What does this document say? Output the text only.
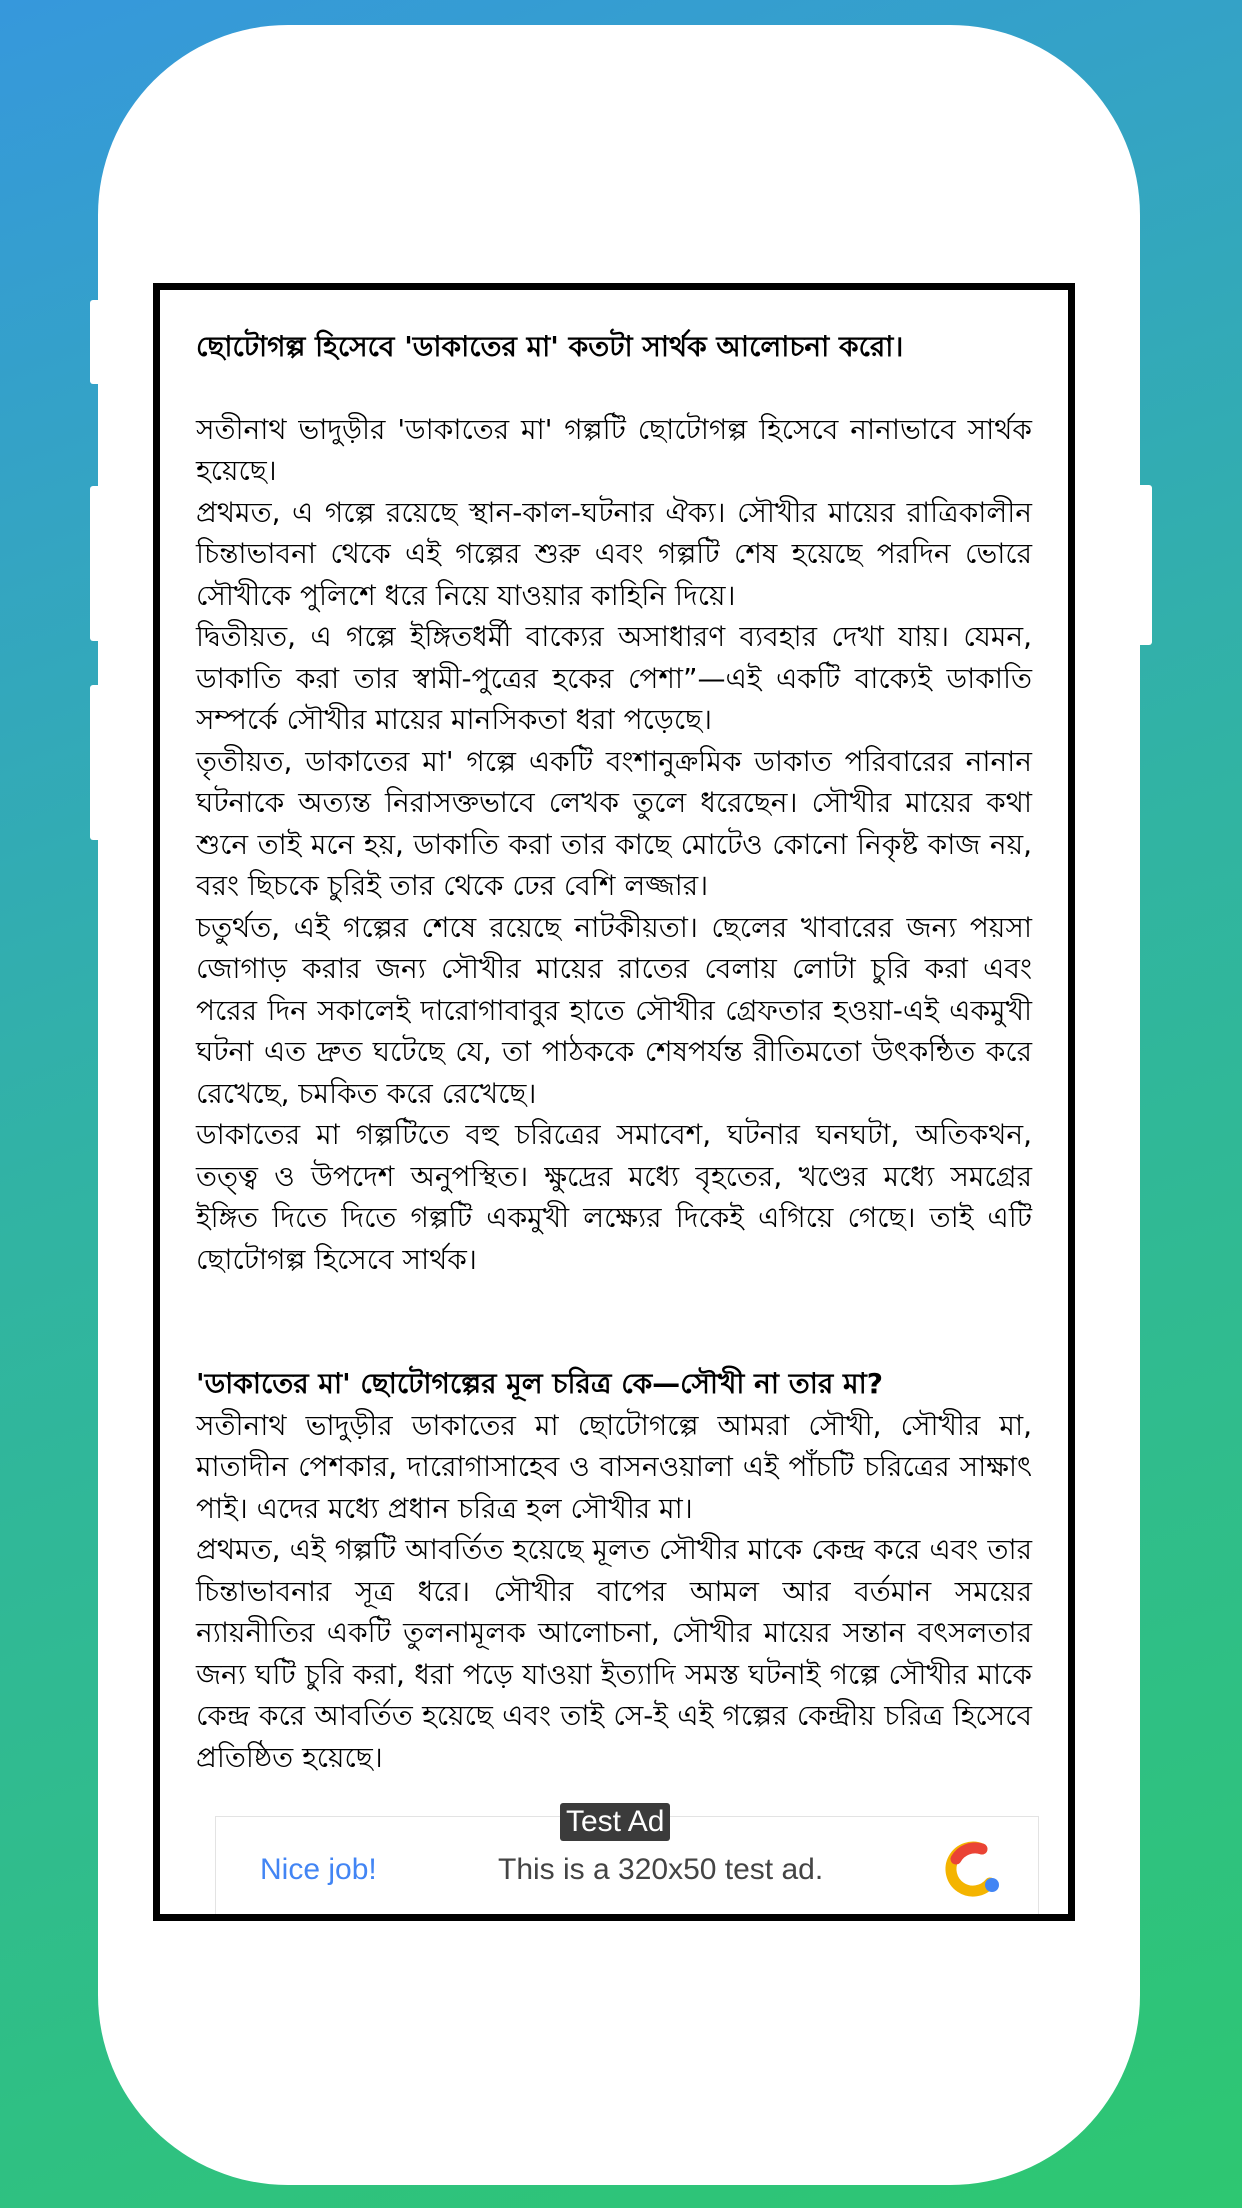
ছোটোগল্প হিসেবে 'ডাকাতের মা' কতটা সার্থক আলোচনা করো।

সতীনাথ ভাদুড়ীর 'ডাকাতের মা' গল্পটি ছোটোগল্প হিসেবে নানাভাবে সার্থক হয়েছে।

প্রথমত, এ গল্পে রয়েছে স্থান-কাল-ঘটনার ঐক্য। সৌখীর মায়ের রাত্রিকালীন চিন্তাভাবনা থেকে এই গল্পের শুরু এবং গল্পটি শেষ হয়েছে পরদিন ভোরে সৌখীকে পুলিশে ধরে নিয়ে যাওয়ার কাহিনি দিয়ে।

দ্বিতীয়ত, এ গল্পে ইঙ্গিতধর্মী বাক্যের অসাধারণ ব্যবহার দেখা যায়। যেমন, ডাকাতি করা তার স্বামী-পুত্রের হকের পেশা”—এই একটি বাক্যেই ডাকাতি সম্পর্কে সৌখীর মায়ের মানসিকতা ধরা পড়েছে।

তৃতীয়ত, ডাকাতের মা' গল্পে একটি বংশানুক্রমিক ডাকাত পরিবারের নানান ঘটনাকে অত্যন্ত নিরাসক্তভাবে লেখক তুলে ধরেছেন। সৌখীর মায়ের কথা শুনে তাই মনে হয়, ডাকাতি করা তার কাছে মোটেও কোনো নিকৃষ্ট কাজ নয়, বরং ছিচকে চুরিই তার থেকে ঢের বেশি লজ্জার।

চতুর্থত, এই গল্পের শেষে রয়েছে নাটকীয়তা। ছেলের খাবারের জন্য পয়সা জোগাড় করার জন্য সৌখীর মায়ের রাতের বেলায় লোটা চুরি করা এবং পরের দিন সকালেই দারোগাবাবুর হাতে সৌখীর গ্রেফতার হওয়া-এই একমুখী ঘটনা এত দ্রুত ঘটেছে যে, তা পাঠককে শেষপর্যন্ত রীতিমতো উৎকন্ঠিত করে রেখেছে, চমকিত করে রেখেছে।

ডাকাতের মা গল্পটিতে বহু চরিত্রের সমাবেশ, ঘটনার ঘনঘটা, অতিকথন, তত্ত্ব ও উপদেশ অনুপস্থিত। ক্ষুদ্রের মধ্যে বৃহতের, খণ্ডের মধ্যে সমগ্রের ইঙ্গিত দিতে দিতে গল্পটি একমুখী লক্ষ্যের দিকেই এগিয়ে গেছে। তাই এটি ছোটোগল্প হিসেবে সার্থক।

'ডাকাতের মা' ছোটোগল্পের মূল চরিত্র কে—সৌখী না তার মা?

সতীনাথ ভাদুড়ীর ডাকাতের মা ছোটোগল্পে আমরা সৌখী, সৌখীর মা, মাতাদীন পেশকার, দারোগাসাহেব ও বাসনওয়ালা এই পাঁচটি চরিত্রের সাক্ষাৎ পাই। এদের মধ্যে প্রধান চরিত্র হল সৌখীর মা।

প্রথমত, এই গল্পটি আবর্তিত হয়েছে মূলত সৌখীর মাকে কেন্দ্র করে এবং তার চিন্তাভাবনার সূত্র ধরে। সৌখীর বাপের আমল আর বর্তমান সময়ের ন্যায়নীতির একটি তুলনামূলক আলোচনা, সৌখীর মায়ের সন্তান বৎসলতার জন্য ঘটি চুরি করা, ধরা পড়ে যাওয়া ইত্যাদি সমস্ত ঘটনাই গল্পে সৌখীর মাকে কেন্দ্র করে আবর্তিত হয়েছে এবং তাই সে-ই এই গল্পের কেন্দ্রীয় চরিত্র হিসেবে প্রতিষ্ঠিত হয়েছে।

Test Ad
Nice job!	This is a 320x50 test ad.
